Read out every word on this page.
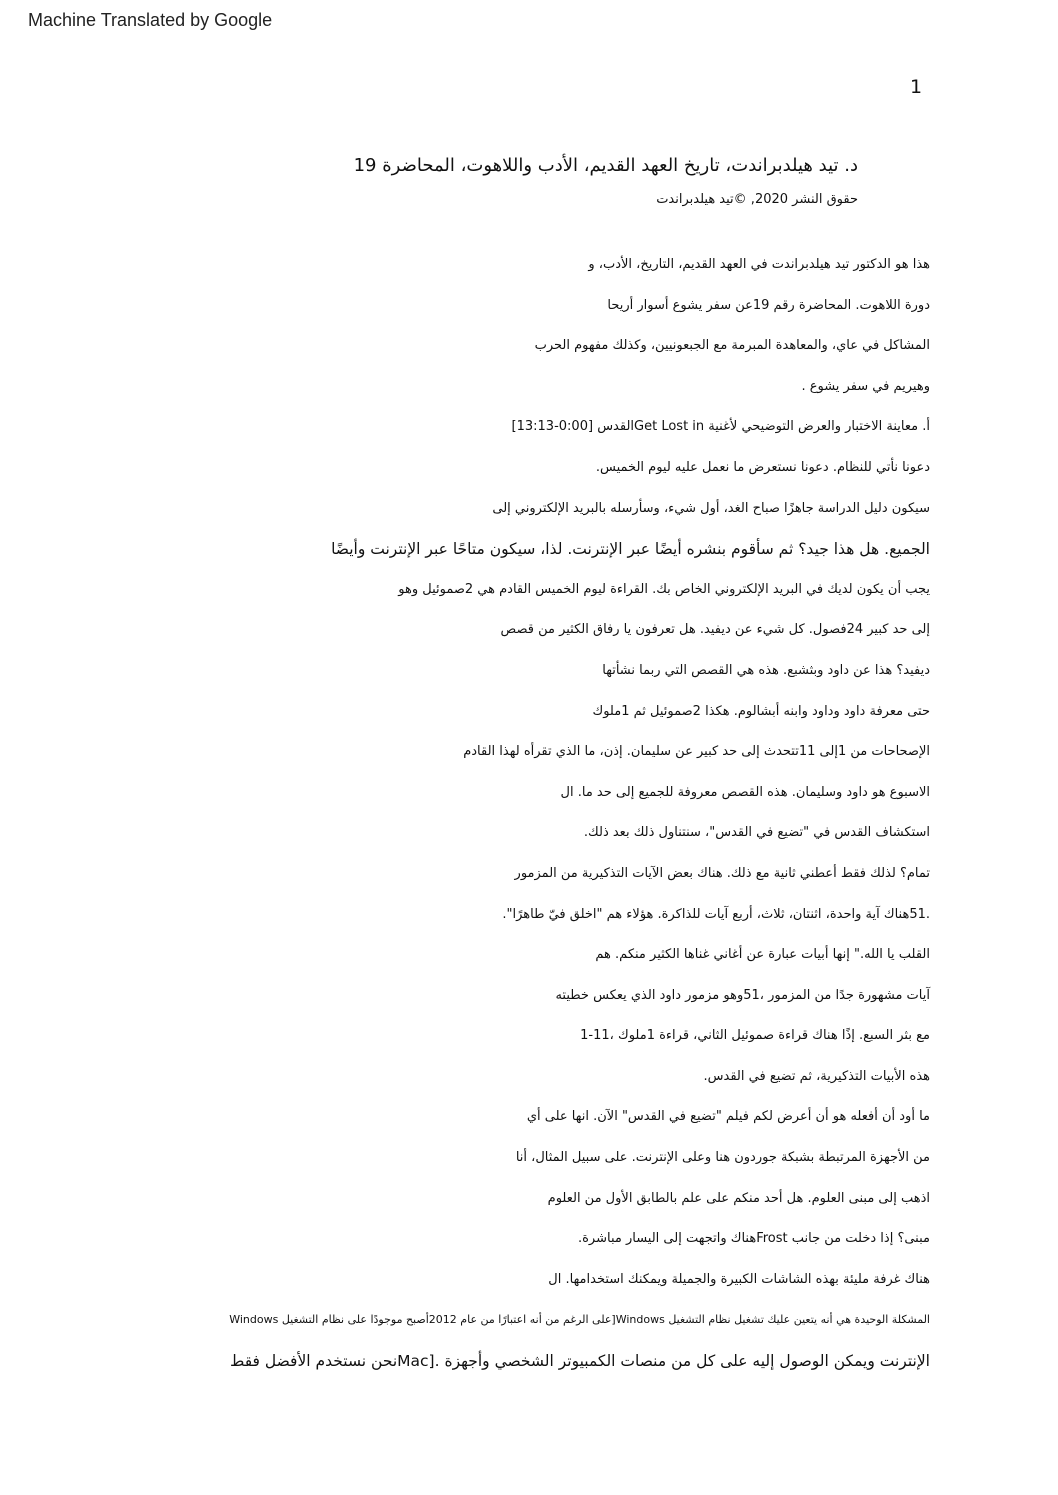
Machine Translated by Google
1
د. تيد هيلدبراندت، تاريخ العهد القديم، الأدب واللاهوت، المحاضرة 19
حقوق النشر 2020, ©تيد هيلدبراندت
هذا هو الدكتور تيد هيلدبراندت في العهد القديم، التاريخ، الأدب، و
دورة اللاهوت. المحاضرة رقم 19عن سفر يشوع أسوار أريحا
المشاكل في عاي، والمعاهدة المبرمة مع الجبعونيين، وكذلك مفهوم الحرب
وهيريم في سفر يشوع .
أ. معاينة الاختبار والعرض التوضيحي لأغنية Get Lost inالقدس [0:00-13:13]
دعونا نأتي للنظام. دعونا نستعرض ما نعمل عليه ليوم الخميس.
سيكون دليل الدراسة جاهزًا صباح الغد، أول شيء، وسأرسله بالبريد الإلكتروني إلى
الجميع. هل هذا جيد؟ ثم سأقوم بنشره أيضًا عبر الإنترنت. لذا، سيكون متاحًا عبر الإنترنت وأيضًا
يجب أن يكون لديك في البريد الإلكتروني الخاص بك. القراءة ليوم الخميس القادم هي 2صموئيل وهو
إلى حد كبير 24فصول. كل شيء عن ديفيد. هل تعرفون يا رفاق الكثير من قصص
ديفيد؟ هذا عن داود وبثشبع. هذه هي القصص التي ربما نشأتها
حتى معرفة داود وداود وابنه أبشالوم. هكذا 2صموئيل ثم 1ملوك
الإصحاحات من 1إلى 11تتحدث إلى حد كبير عن سليمان. إذن، ما الذي تقرأه لهذا القادم
الاسبوع هو داود وسليمان. هذه القصص معروفة للجميع إلى حد ما. ال
استكشاف القدس في "تضيع في القدس"، سنتناول ذلك بعد ذلك.
تمام؟ لذلك فقط أعطني ثانية مع ذلك. هناك بعض الآيات التذكيرية من المزمور
.51هناك آية واحدة، اثنتان، ثلاث، أربع آيات للذاكرة. هؤلاء هم "اخلق فيّ طاهرًا".
القلب يا الله." إنها أبيات عبارة عن أغاني غناها الكثير منكم. هم
آيات مشهورة جدًا من المزمور ،51وهو مزمور داود الذي يعكس خطيته
مع بثر السبع. إذًا هناك قراءة صموئيل الثاني، قراءة 1ملوك ،11-1
هذه الأبيات التذكيرية، ثم تضيع في القدس.
ما أود أن أفعله هو أن أعرض لكم فيلم "تضيع في القدس" الآن. انها على أي
من الأجهزة المرتبطة بشبكة جوردون هنا وعلى الإنترنت. على سبيل المثال، أنا
اذهب إلى مبنى العلوم. هل أحد منكم على علم بالطابق الأول من العلوم
مبنى؟ إذا دخلت من جانب Frostهناك واتجهت إلى اليسار مباشرة.
هناك غرفة مليئة بهذه الشاشات الكبيرة والجميلة ويمكنك استخدامها. ال
المشكلة الوحيدة هي أنه يتعين عليك تشغيل نظام التشغيل Windows[على الرغم من أنه اعتبارًا من عام 2012أصبح موجودًا على نظام التشغيل Windows
الإنترنت ويمكن الوصول إليه على كل من منصات الكمبيوتر الشخصي وأجهزة .[Macنحن نستخدم الأفضل فقط
